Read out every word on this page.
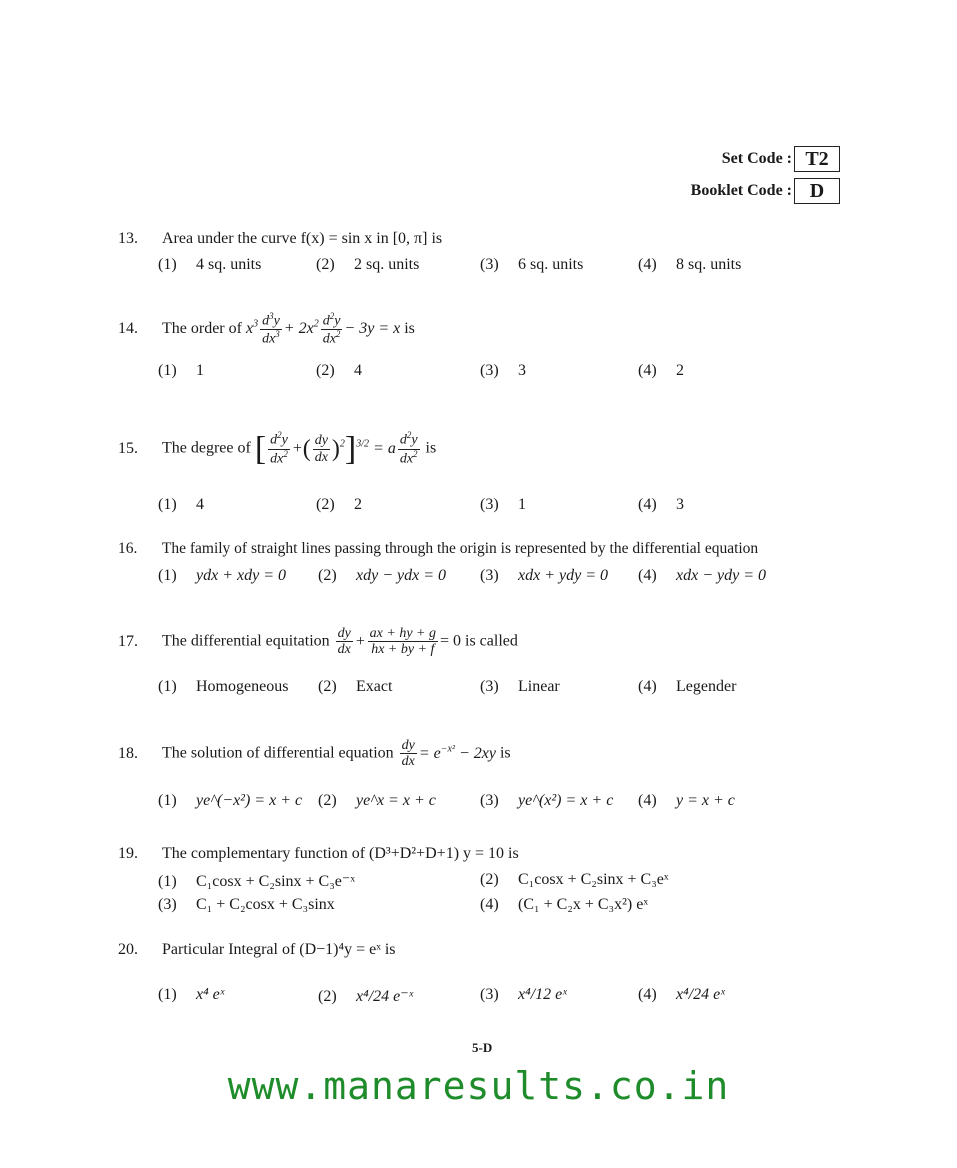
Set Code : T2
Booklet Code : D
13. Area under the curve f(x) = sin x in [0, π] is
(1) 4 sq. units	(2) 2 sq. units	(3) 6 sq. units	(4) 8 sq. units
14. The order of $x^3 \frac{d^3y}{dx^3} + 2x^2 \frac{d^2y}{dx^2} - 3y = x$ is
(1) 1	(2) 4	(3) 3	(4) 2
15. The degree of [ $\frac{d^2y}{dx^2}$ +( $\frac{dy}{dx} )^2]^{3/2} = a \frac{d^2y}{dx^2}$ is
(1) 4	(2) 2	(3) 1	(4) 3
16. The family of straight lines passing through the origin is represented by the differential equation
(1) ydx + xdy = 0 (2) xdy − ydx = 0 (3) xdx + ydy = 0 (4) xdx − ydy = 0
17. The differential equitation $\frac{dy}{dx} + \frac{ax + hy + g}{hx + by + f} = 0$ is called
(1) Homogeneous (2) Exact	(3) Linear	(4) Legender
18. The solution of differential equation $\frac{dy}{dx} = e^{-x^2} - 2xy$ is
(1) ye^(−x²) = x + c (2) ye^x = x + c	(3) ye^(x²) = x + c (4) y = x + c
19. The complementary function of (D³+D²+D+1) y = 10 is
(1) C₁cosx + C₂sinx + C₃e⁻ˣ	(2) C₁cosx + C₂sinx + C₃eˣ
(3) C₁ + C₂cosx + C₃sinx	(4) (C₁ + C₂x + C₃x²) eˣ
20. Particular Integral of (D−1)⁴y = eˣ is
(1) x⁴ eˣ	(2) x⁴/24 e⁻ˣ	(3) x⁴/12 eˣ	(4) x⁴/24 eˣ
5-D
www.manaresults.co.in
